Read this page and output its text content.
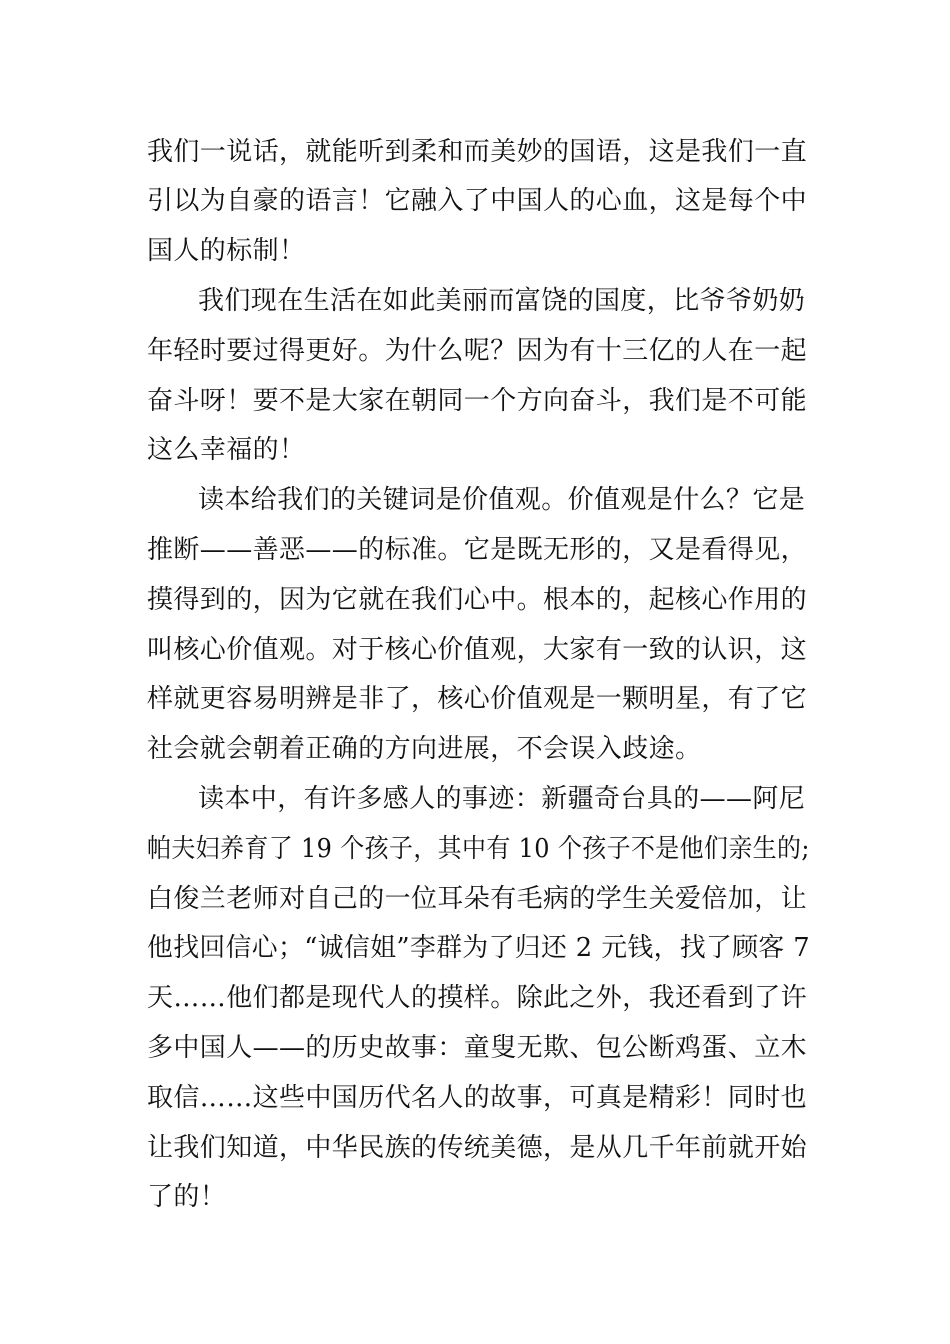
我们一说话，就能听到柔和而美妙的国语，这是我们一直
引以为自豪的语言！它融入了中国人的心血，这是每个中
国人的标制！
我们现在生活在如此美丽而富饶的国度，比爷爷奶奶
年轻时要过得更好。为什么呢？因为有十三亿的人在一起
奋斗呀！要不是大家在朝同一个方向奋斗，我们是不可能
这么幸福的！
读本给我们的关键词是价值观。价值观是什么？它是
推断——善恶——的标准。它是既无形的，又是看得见，
摸得到的，因为它就在我们心中。根本的，起核心作用的
叫核心价值观。对于核心价值观，大家有一致的认识，这
样就更容易明辨是非了，核心价值观是一颗明星，有了它
社会就会朝着正确的方向进展，不会误入歧途。
读本中，有许多感人的事迹：新疆奇台具的——阿尼
帕夫妇养育了 19 个孩子，其中有 10 个孩子不是他们亲生的;
白俊兰老师对自己的一位耳朵有毛病的学生关爱倍加，让
他找回信心；“诚信姐”李群为了归还 2 元钱，找了顾客 7
天……他们都是现代人的摸样。除此之外，我还看到了许
多中国人——的历史故事：童叟无欺、包公断鸡蛋、立木
取信……这些中国历代名人的故事，可真是精彩！同时也
让我们知道，中华民族的传统美德，是从几千年前就开始
了的！
